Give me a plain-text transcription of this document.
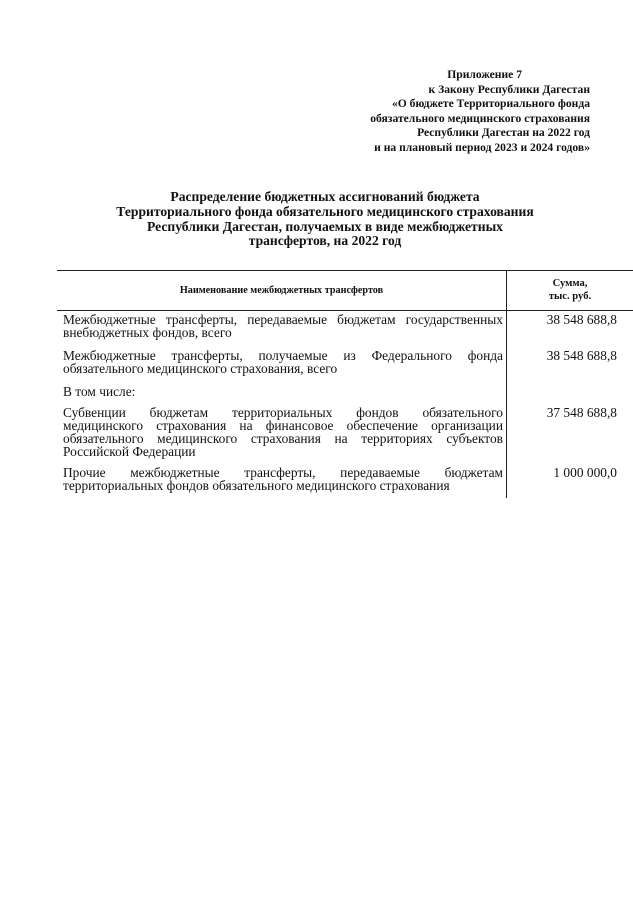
Приложение 7
к Закону Республики Дагестан
«О бюджете Территориального фонда
обязательного медицинского страхования
Республики Дагестан на 2022 год
и на плановый период 2023 и 2024 годов»
Распределение бюджетных ассигнований бюджета
Территориального фонда обязательного медицинского страхования
Республики Дагестан, получаемых в виде межбюджетных
трансфертов, на 2022 год
Наименование межбюджетных трансфертов
Сумма,
тыс. руб.
Межбюджетные трансферты, передаваемые бюджетам государственных внебюджетных фондов, всего
38 548 688,8
Межбюджетные трансферты, получаемые из Федерального фонда обязательного медицинского страхования, всего
38 548 688,8
В том числе:
Субвенции бюджетам территориальных фондов обязательного медицинского страхования на финансовое обеспечение организации обязательного медицинского страхования на территориях субъектов Российской Федерации
37 548 688,8
Прочие межбюджетные трансферты, передаваемые бюджетам территориальных фондов обязательного медицинского страхования
1 000 000,0
